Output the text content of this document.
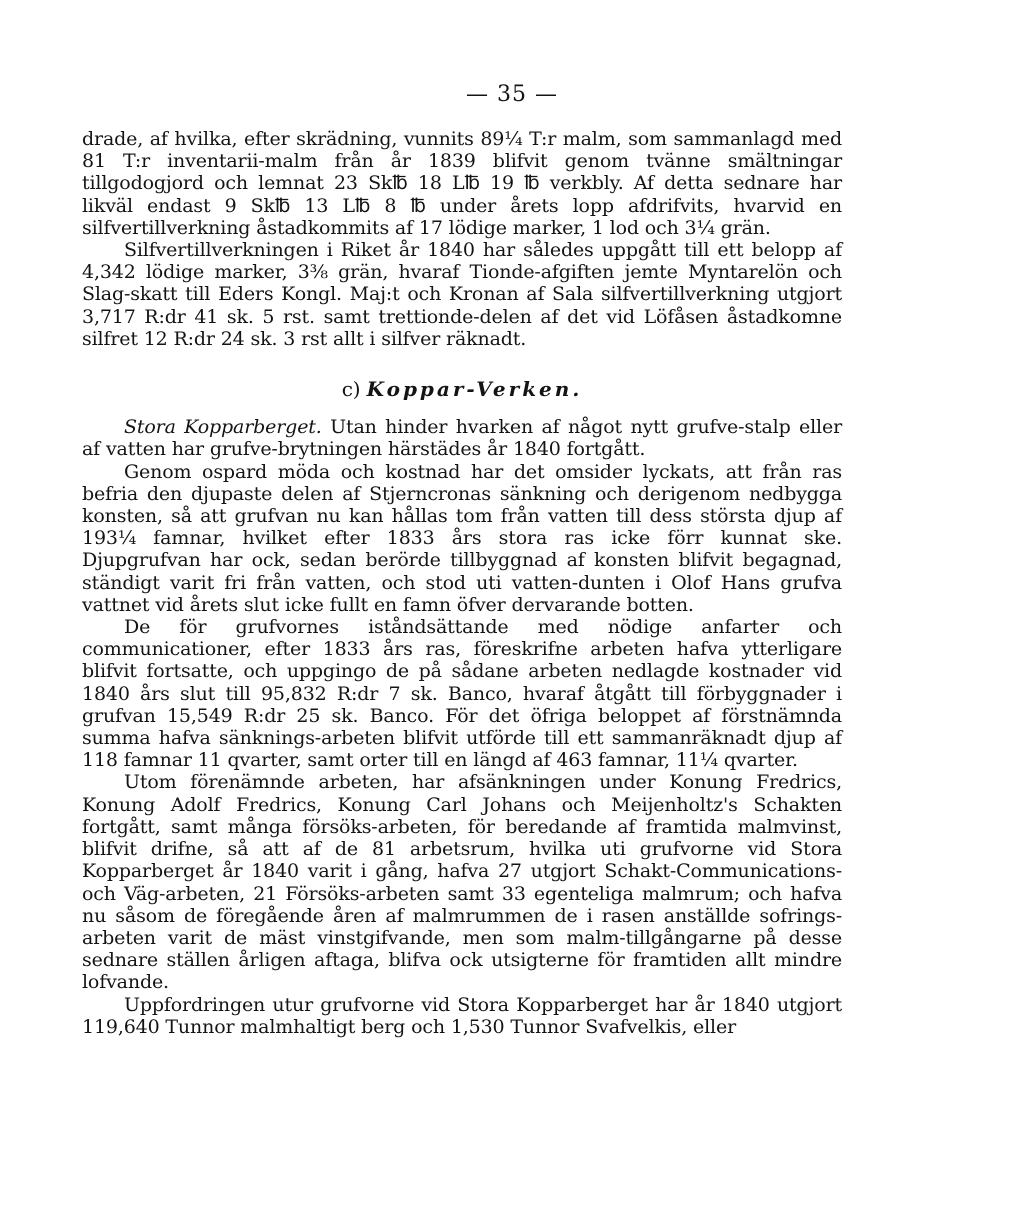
— 35 —

drade, af hvilka, efter skrädning, vunnits 89¼ T:r malm, som sammanlagd med 81 T:r inventarii-malm från år 1839 blifvit genom tvänne smältningar tillgodogjord och lemnat 23 Sk℔ 18 L℔ 19 ℔ verkbly. Af detta sednare har likväl endast 9 Sk℔ 13 L℔ 8 ℔ under årets lopp afdrifvits, hvarvid en silfvertillverkning åstadkommits af 17 lödige marker, 1 lod och 3¼ grän.

Silfvertillverkningen i Riket år 1840 har således uppgått till ett belopp af 4,342 lödige marker, 3⅜ grän, hvaraf Tionde-afgiften jemte Myntarelön och Slag-skatt till Eders Kongl. Maj:t och Kronan af Sala silfvertillverkning utgjort 3,717 R:dr 41 sk. 5 rst. samt trettionde-delen af det vid Löfåsen åstadkomne silfret 12 R:dr 24 sk. 3 rst allt i silfver räknadt.

c) Koppar-Verken.

Stora Kopparberget. Utan hinder hvarken af något nytt grufve-stalp eller af vatten har grufve-brytningen härstädes år 1840 fortgått.

Genom ospard möda och kostnad har det omsider lyckats, att från ras befria den djupaste delen af Stjerncronas sänkning och derigenom nedbygga konsten, så att grufvan nu kan hållas tom från vatten till dess största djup af 193¼ famnar, hvilket efter 1833 års stora ras icke förr kunnat ske. Djupgrufvan har ock, sedan berörde tillbyggnad af konsten blifvit begagnad, ständigt varit fri från vatten, och stod uti vatten-dunten i Olof Hans grufva vattnet vid årets slut icke fullt en famn öfver dervarande botten.

De för grufvornes iståndsättande med nödige anfarter och communicationer, efter 1833 års ras, föreskrifne arbeten hafva ytterligare blifvit fortsatte, och uppgingo de på sådane arbeten nedlagde kostnader vid 1840 års slut till 95,832 R:dr 7 sk. Banco, hvaraf åtgått till förbyggnader i grufvan 15,549 R:dr 25 sk. Banco. För det öfriga beloppet af förstnämnda summa hafva sänknings-arbeten blifvit utförde till ett sammanräknadt djup af 118 famnar 11 qvarter, samt orter till en längd af 463 famnar, 11¼ qvarter.

Utom förenämnde arbeten, har afsänkningen under Konung Fredrics, Konung Adolf Fredrics, Konung Carl Johans och Meijenholtz's Schakten fortgått, samt många försöks-arbeten, för beredande af framtida malmvinst, blifvit drifne, så att af de 81 arbetsrum, hvilka uti grufvorne vid Stora Kopparberget år 1840 varit i gång, hafva 27 utgjort Schakt-Communications- och Väg-arbeten, 21 Försöks-arbeten samt 33 egenteliga malmrum; och hafva nu såsom de föregående åren af malmrummen de i rasen anställde sofrings-arbeten varit de mäst vinstgifvande, men som malm-tillgångarne på desse sednare ställen årligen aftaga, blifva ock utsigterne för framtiden allt mindre lofvande.

Uppfordringen utur grufvorne vid Stora Kopparberget har år 1840 utgjort 119,640 Tunnor malmhaltigt berg och 1,530 Tunnor Svafvelkis, eller
